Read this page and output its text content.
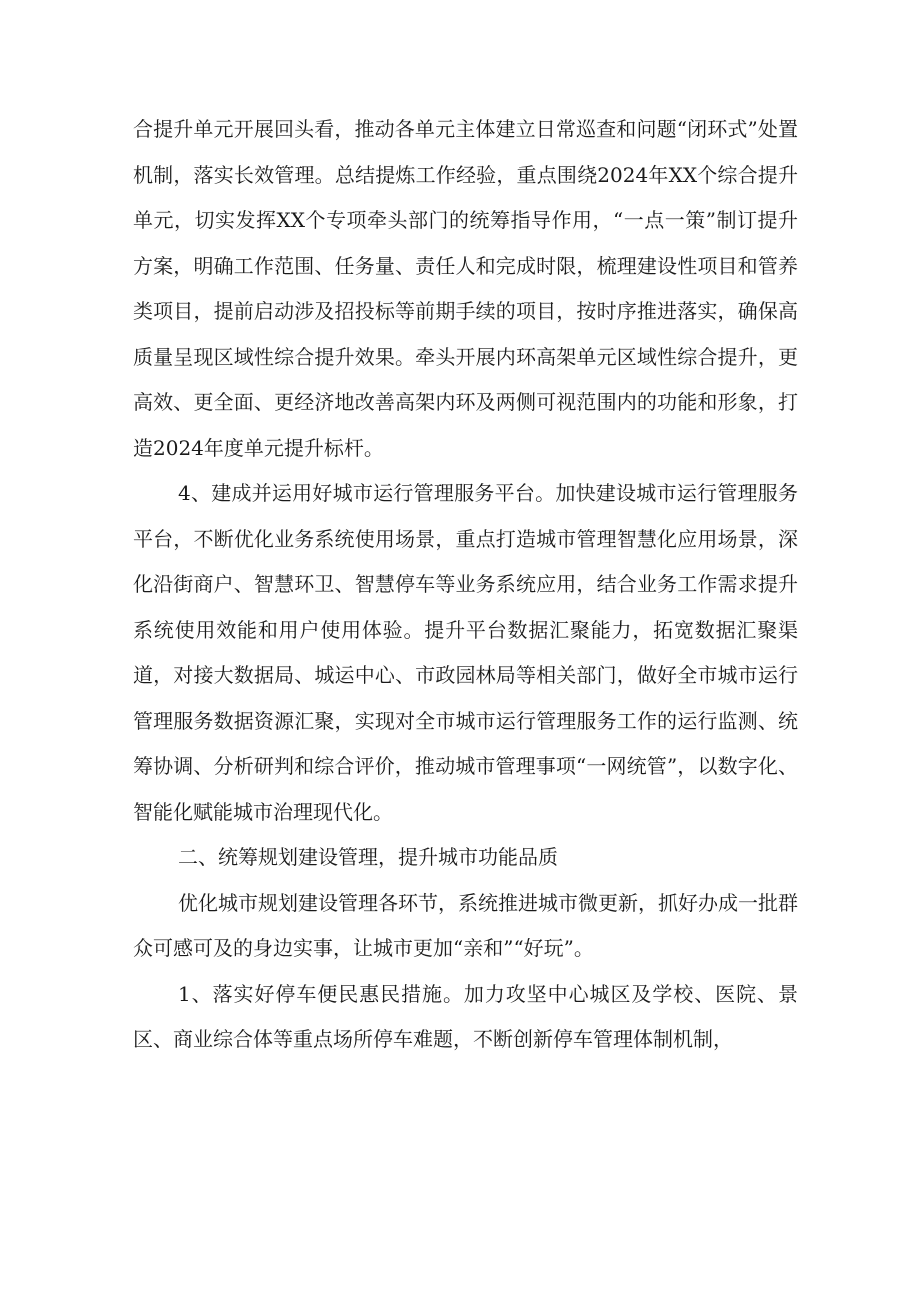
合提升单元开展回头看，推动各单元主体建立日常巡查和问题“闭环式”处置机制，落实长效管理。总结提炼工作经验，重点围绕2024年XX个综合提升单元，切实发挥XX个专项牵头部门的统筹指导作用，“一点一策”制订提升方案，明确工作范围、任务量、责任人和完成时限，梳理建设性项目和管养类项目，提前启动涉及招投标等前期手续的项目，按时序推进落实，确保高质量呈现区域性综合提升效果。牵头开展内环高架单元区域性综合提升，更高效、更全面、更经济地改善高架内环及两侧可视范围内的功能和形象，打造2024年度单元提升标杆。

4、建成并运用好城市运行管理服务平台。加快建设城市运行管理服务平台，不断优化业务系统使用场景，重点打造城市管理智慧化应用场景，深化沿街商户、智慧环卫、智慧停车等业务系统应用，结合业务工作需求提升系统使用效能和用户使用体验。提升平台数据汇聚能力，拓宽数据汇聚渠道，对接大数据局、城运中心、市政园林局等相关部门，做好全市城市运行管理服务数据资源汇聚，实现对全市城市运行管理服务工作的运行监测、统筹协调、分析研判和综合评价，推动城市管理事项“一网统管”，以数字化、智能化赋能城市治理现代化。

二、统筹规划建设管理，提升城市功能品质

优化城市规划建设管理各环节，系统推进城市微更新，抓好办成一批群众可感可及的身边实事，让城市更加“亲和”“好玩”。

1、落实好停车便民惠民措施。加力攻坚中心城区及学校、医院、景区、商业综合体等重点场所停车难题，不断创新停车管理体制机制，
